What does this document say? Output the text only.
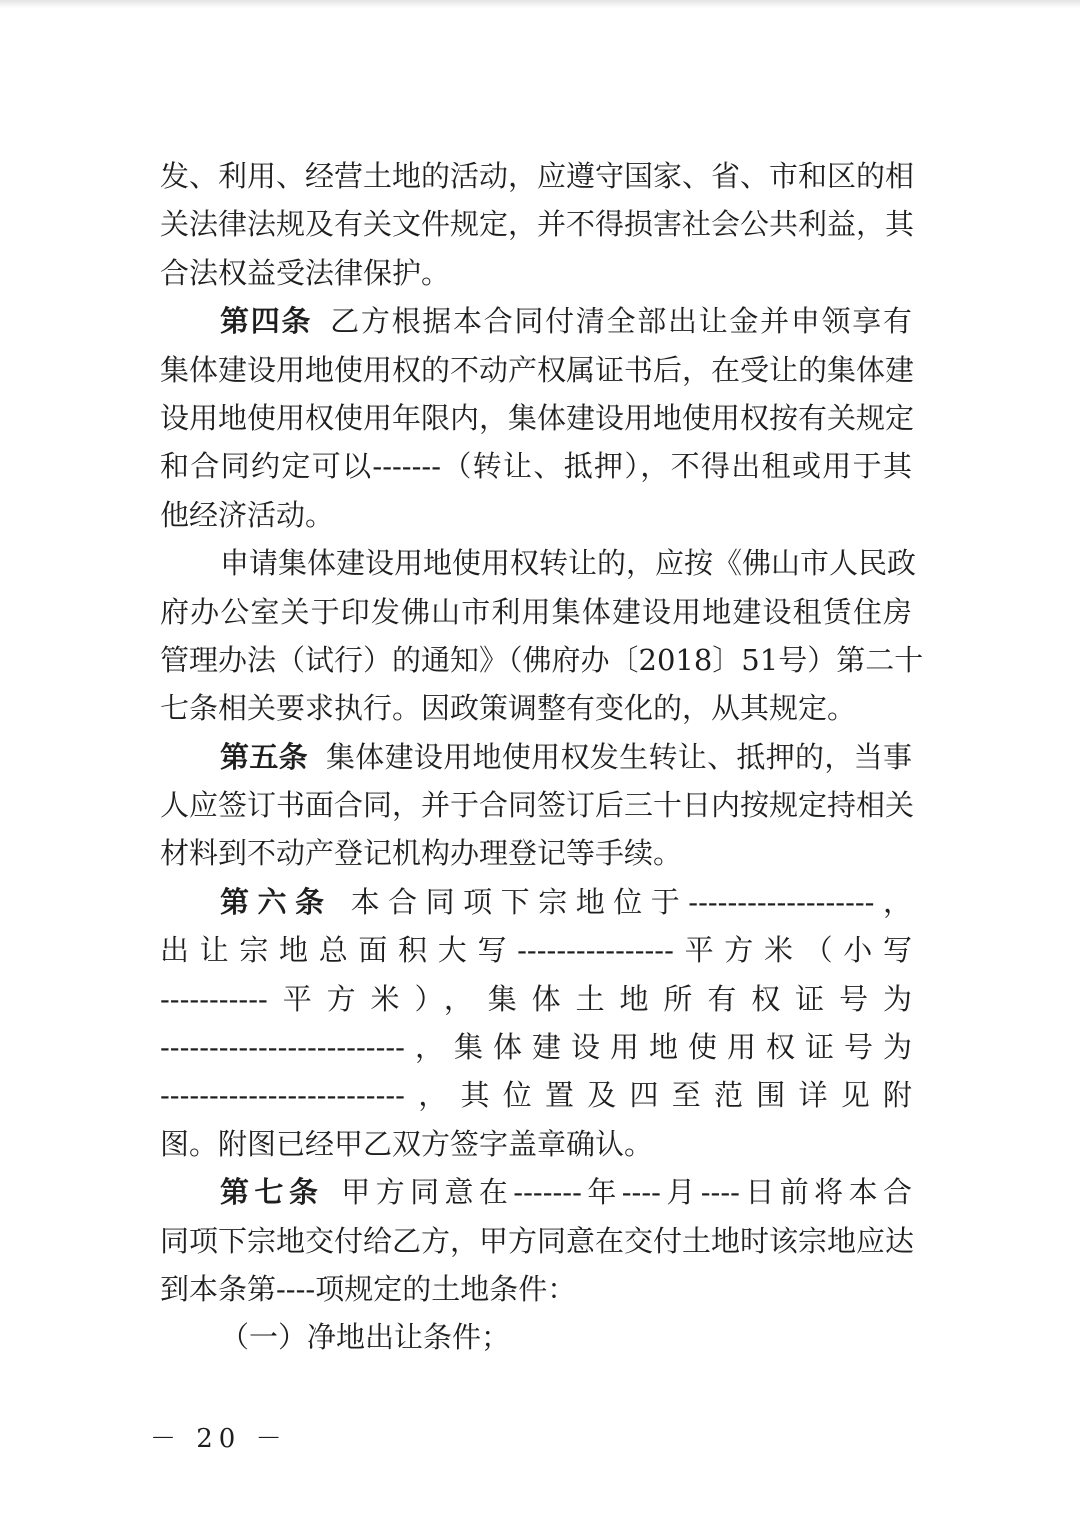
发、利用、经营土地的活动，应遵守国家、省、市和区的相
关法律法规及有关文件规定，并不得损害社会公共利益，其
合法权益受法律保护。
第四条 乙方根据本合同付清全部出让金并申领享有
集体建设用地使用权的不动产权属证书后，在受让的集体建
设用地使用权使用年限内，集体建设用地使用权按有关规定
和合同约定可以-------（转让、抵押），不得出租或用于其
他经济活动。
申请集体建设用地使用权转让的，应按《佛山市人民政
府办公室关于印发佛山市利用集体建设用地建设租赁住房
管理办法（试行）的通知》（佛府办〔2018〕51号）第二十
七条相关要求执行。因政策调整有变化的，从其规定。
第五条 集体建设用地使用权发生转让、抵押的，当事
人应签订书面合同，并于合同签订后三十日内按规定持相关
材料到不动产登记机构办理登记等手续。
第六条 本合同项下宗地位于-------------------，
出让宗地总面积大写----------------平方米（小写
-----------平方米），集体土地所有权证号为
-------------------------，集体建设用地使用权证号为
-------------------------，其位置及四至范围详见附
图。附图已经甲乙双方签字盖章确认。
第七条 甲方同意在-------年----月----日前将本合
同项下宗地交付给乙方，甲方同意在交付土地时该宗地应达
到本条第----项规定的土地条件：
（一）净地出让条件；
－ 20 －
